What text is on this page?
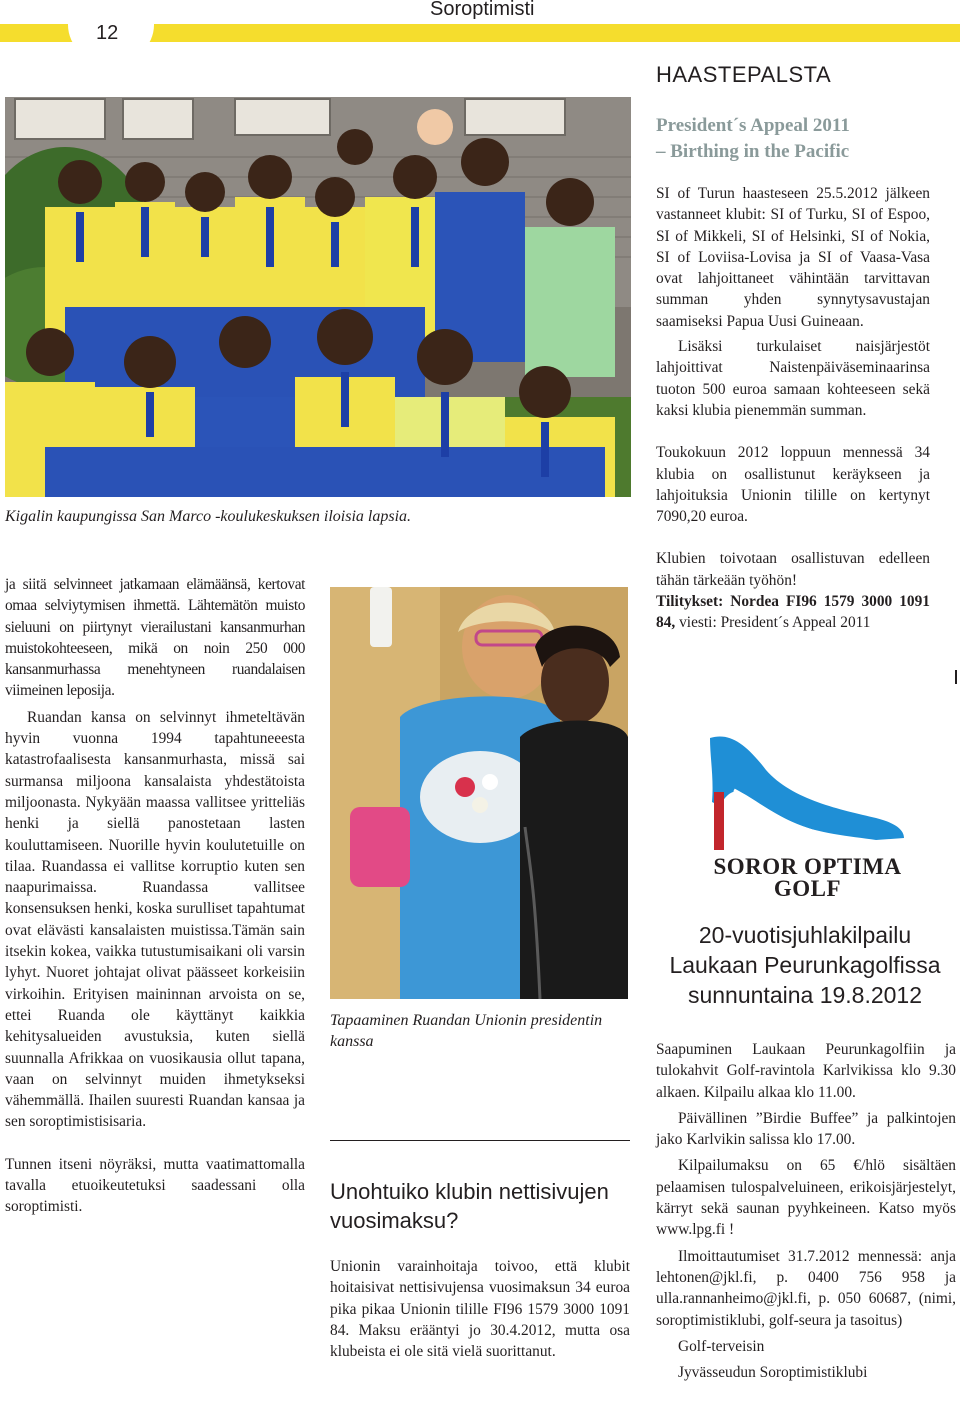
12
Soroptimisti
Kigalin kaupungissa San Marco -koulukeskuksen iloisia lapsia.
HAASTEPALSTA
President´s Appeal 2011
– Birthing in the Pacific

SI of Turun haasteseen 25.5.2012 jälkeen vastanneet klubit: SI of Turku, SI of Espoo, SI of Mikkeli, SI of Helsinki, SI of Nokia, SI of Loviisa-Lovisa ja SI of Vaasa-Vasa ovat lahjoittaneet vähintään tarvittavan summan yhden synnytysavustajan saamiseksi Papua Uusi Guineaan.

Lisäksi turkulaiset naisjärjestöt lahjoittivat Naistenpäiväseminaarinsa tuoton 500 euroa samaan kohteeseen sekä kaksi klubia pienemmän summan.

Toukokuun 2012 loppuun mennessä 34 klubia on osallistunut keräykseen ja lahjoituksia Unionin tilille on kertynyt 7090,20 euroa.

Klubien toivotaan osallistuvan edelleen tähän tärkeään työhön!

Tilitykset: Nordea FI96 1579 3000 1091 84, viesti: President´s Appeal 2011

SOROR OPTIMA
GOLF
20-vuotisjuhlakilpailu
Laukaan Peurunkagolfissa
sunnuntaina 19.8.2012

Saapuminen Laukaan Peurunkagolfiin ja tulokahvit Golf-ravintola Karlvikissa klo 9.30 alkaen. Kilpailu alkaa klo 11.00.

Päivällinen ”Birdie Buffee” ja palkintojen jako Karlvikin salissa klo 17.00.

Kilpailumaksu on 65 €/hlö sisältäen pelaamisen tulospalveluineen, erikoisjärjestelyt, kärryt sekä saunan pyyhkeineen. Katso myös www.lpg.fi !

Ilmoittautumiset 31.7.2012 mennessä: anja lehtonen@jkl.fi, p. 0400 756 958 ja ulla.rannanheimo@jkl.fi, p. 050 60687, (nimi, soroptimistiklubi, golf-seura ja tasoitus)

Golf-terveisin

Jyvässeudun Soroptimistiklubi

ja siitä selvinneet jatkamaan elämäänsä, kertovat omaa selviytymisen ihmettä. Lähtemätön muisto sieluuni on piirtynyt vierailustani kansanmurhan muistokohteeseen, mikä on noin 250 000 kansanmurhassa menehtyneen ruandalaisen viimeinen leposija.

Ruandan kansa on selvinnyt ihmeteltävän hyvin vuonna 1994 tapahtuneeesta katastrofaalisesta kansanmurhasta, missä sai surmansa miljoona kansalaista yhdestätoista miljoonasta. Nykyään maassa vallitsee yritteliäs henki ja siellä panostetaan lasten kouluttamiseen. Nuorille hyvin koulutetuille on tilaa. Ruandassa ei vallitse korruptio kuten sen naapurimaissa. Ruandassa vallitsee konsensuksen henki, koska surulliset tapahtumat ovat elävästi kansalaisten muistissa.Tämän sain itsekin kokea, vaikka tutustumisaikani oli varsin lyhyt. Nuoret johtajat olivat päässeet korkeisiin virkoihin. Erityisen maininnan arvoista on se, ettei Ruanda ole käyttänyt kaikkia kehitysalueiden avustuksia, kuten siellä suunnalla Afrikkaa on vuosikausia ollut tapana, vaan on selvinnyt muiden ihmetykseksi vähemmällä. Ihailen suuresti Ruandan kansaa ja sen soroptimistisisaria.

Tunnen itseni nöyräksi, mutta vaatimattomalla tavalla etuoikeutetuksi saadessani olla soroptimisti.

Tapaaminen Ruandan Unionin presidentin kanssa
Unohtuiko klubin nettisivujen vuosimaksu?

Unionin varainhoitaja toivoo, että klubit hoitaisivat nettisivujensa vuosimaksun 34 euroa pika pikaa Unionin tilille FI96 1579 3000 1091 84. Maksu erääntyi jo 30.4.2012, mutta osa klubeista ei ole sitä vielä suorittanut.
